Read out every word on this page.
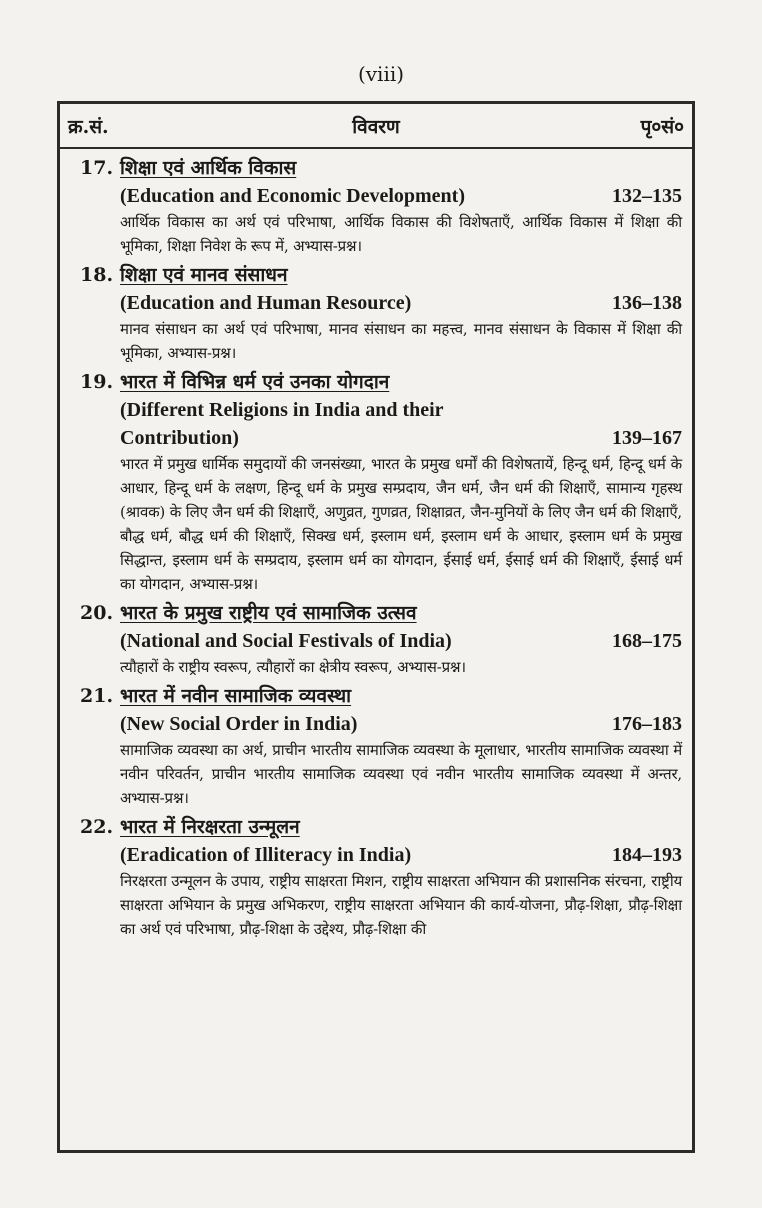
(viii)
क्र.सं.	विवरण	पृ०सं०
17. शिक्षा एवं आर्थिक विकास
(Education and Economic Development)	132–135
आर्थिक विकास का अर्थ एवं परिभाषा, आर्थिक विकास की विशेषताएँ, आर्थिक विकास में शिक्षा की भूमिका, शिक्षा निवेश के रूप में, अभ्यास-प्रश्न।
18. शिक्षा एवं मानव संसाधन
(Education and Human Resource)	136–138
मानव संसाधन का अर्थ एवं परिभाषा, मानव संसाधन का महत्त्व, मानव संसाधन के विकास में शिक्षा की भूमिका, अभ्यास-प्रश्न।
19. भारत में विभिन्न धर्म एवं उनका योगदान
(Different Religions in India and their
Contribution)	139–167
भारत में प्रमुख धार्मिक समुदायों की जनसंख्या, भारत के प्रमुख धर्मों की विशेषतायें, हिन्दू धर्म, हिन्दू धर्म के आधार, हिन्दू धर्म के लक्षण, हिन्दू धर्म के प्रमुख सम्प्रदाय, जैन धर्म, जैन धर्म की शिक्षाएँ, सामान्य गृहस्थ (श्रावक) के लिए जैन धर्म की शिक्षाएँ, अणुव्रत, गुणव्रत, शिक्षाव्रत, जैन-मुनियों के लिए जैन धर्म की शिक्षाएँ, बौद्ध धर्म, बौद्ध धर्म की शिक्षाएँ, सिक्ख धर्म, इस्लाम धर्म, इस्लाम धर्म के आधार, इस्लाम धर्म के प्रमुख सिद्धान्त, इस्लाम धर्म के सम्प्रदाय, इस्लाम धर्म का योगदान, ईसाई धर्म, ईसाई धर्म की शिक्षाएँ, ईसाई धर्म का योगदान, अभ्यास-प्रश्न।
20. भारत के प्रमुख राष्ट्रीय एवं सामाजिक उत्सव
(National and Social Festivals of India)	168–175
त्यौहारों के राष्ट्रीय स्वरूप, त्यौहारों का क्षेत्रीय स्वरूप, अभ्यास-प्रश्न।
21. भारत में नवीन सामाजिक व्यवस्था
(New Social Order in India)	176–183
सामाजिक व्यवस्था का अर्थ, प्राचीन भारतीय सामाजिक व्यवस्था के मूलाधार, भारतीय सामाजिक व्यवस्था में नवीन परिवर्तन, प्राचीन भारतीय सामाजिक व्यवस्था एवं नवीन भारतीय सामाजिक व्यवस्था में अन्तर, अभ्यास-प्रश्न।
22. भारत में निरक्षरता उन्मूलन
(Eradication of Illiteracy in India)	184–193
निरक्षरता उन्मूलन के उपाय, राष्ट्रीय साक्षरता मिशन, राष्ट्रीय साक्षरता अभियान की प्रशासनिक संरचना, राष्ट्रीय साक्षरता अभियान के प्रमुख अभिकरण, राष्ट्रीय साक्षरता अभियान की कार्य-योजना, प्रौढ़-शिक्षा, प्रौढ़-शिक्षा का अर्थ एवं परिभाषा, प्रौढ़-शिक्षा के उद्देश्य, प्रौढ़-शिक्षा की
